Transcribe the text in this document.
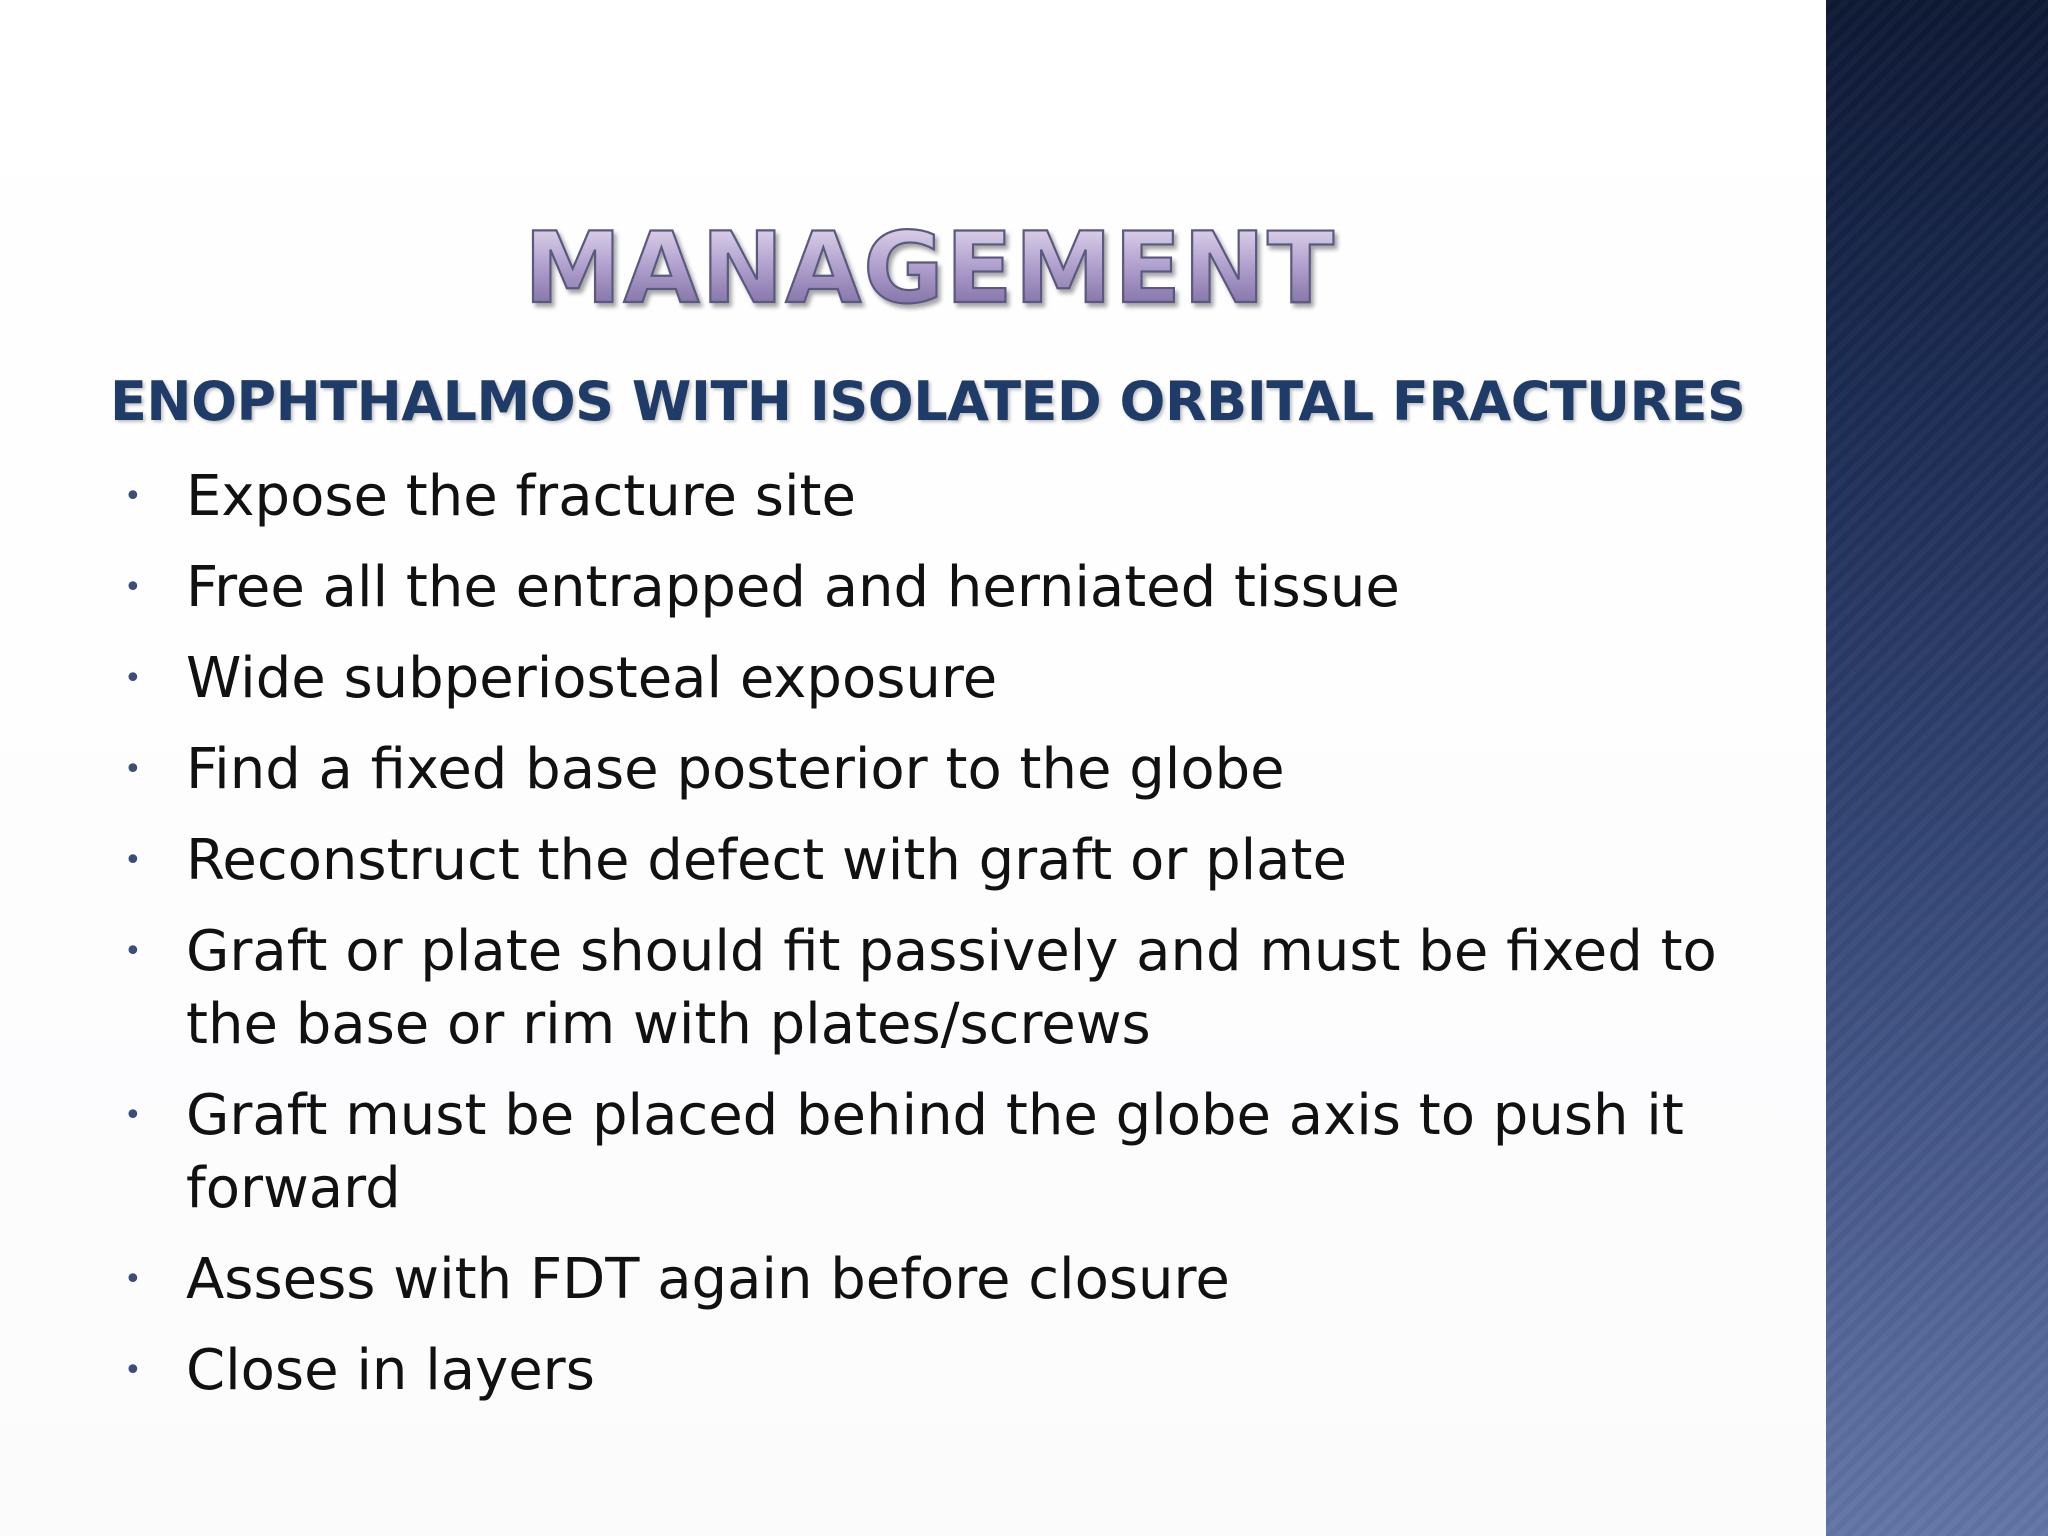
MANAGEMENT
ENOPHTHALMOS WITH ISOLATED ORBITAL FRACTURES
• Expose the fracture site
• Free all the entrapped and herniated tissue
• Wide subperiosteal exposure
• Find a fixed base posterior to the globe
• Reconstruct the defect with graft or plate
• Graft or plate should fit passively and must be fixed to the base or rim with plates/screws
• Graft must be placed behind the globe axis to push it forward
• Assess with FDT again before closure
• Close in layers
